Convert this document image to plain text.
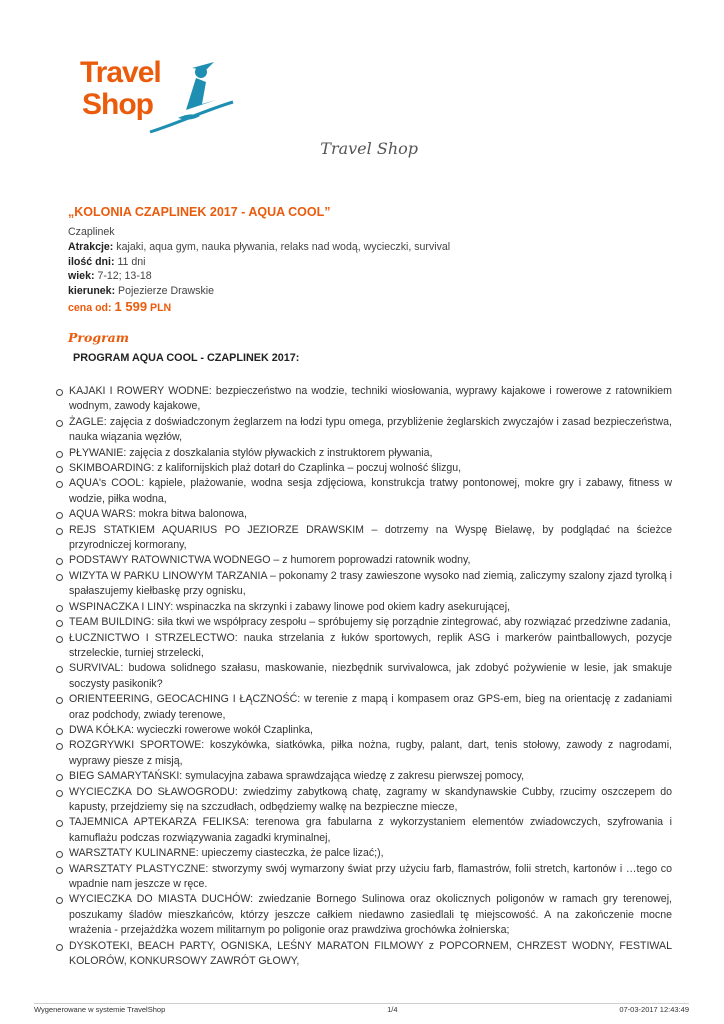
Travel
Shop
Travel Shop
„KOLONIA CZAPLINEK 2017 - AQUA COOL”
Czaplinek
Atrakcje: kajaki, aqua gym, nauka pływania, relaks nad wodą, wycieczki, survival
ilość dni: 11 dni
wiek: 7-12; 13-18
kierunek: Pojezierze Drawskie
cena od: 1 599 PLN
Program
PROGRAM AQUA COOL - CZAPLINEK 2017:
KAJAKI I ROWERY WODNE: bezpieczeństwo na wodzie, techniki wiosłowania, wyprawy kajakowe i rowerowe z ratownikiem wodnym, zawody kajakowe,
ŻAGLE: zajęcia z doświadczonym żeglarzem na łodzi typu omega, przybliżenie żeglarskich zwyczajów i zasad bezpieczeństwa, nauka wiązania węzłów,
PŁYWANIE: zajęcia z doszkalania stylów pływackich z instruktorem pływania,
SKIMBOARDING: z kalifornijskich plaż dotarł do Czaplinka – poczuj wolność ślizgu,
AQUA's COOL: kąpiele, plażowanie, wodna sesja zdjęciowa, konstrukcja tratwy pontonowej, mokre gry i zabawy, fitness w wodzie, piłka wodna,
AQUA WARS: mokra bitwa balonowa,
REJS STATKIEM AQUARIUS PO JEZIORZE DRAWSKIM – dotrzemy na Wyspę Bielawę, by podglądać na ścieżce przyrodniczej kormorany,
PODSTAWY RATOWNICTWA WODNEGO – z humorem poprowadzi ratownik wodny,
WIZYTA W PARKU LINOWYM TARZANIA – pokonamy 2 trasy zawieszone wysoko nad ziemią, zaliczymy szalony zjazd tyrolką i spałaszujemy kiełbaskę przy ognisku,
WSPINACZKA I LINY: wspinaczka na skrzynki i zabawy linowe pod okiem kadry asekurującej,
TEAM BUILDING: siła tkwi we współpracy zespołu – spróbujemy się porządnie zintegrować, aby rozwiązać przedziwne zadania,
ŁUCZNICTWO I STRZELECTWO: nauka strzelania z łuków sportowych, replik ASG i markerów paintballowych, pozycje strzeleckie, turniej strzelecki,
SURVIVAL: budowa solidnego szałasu, maskowanie, niezbędnik survivalowca, jak zdobyć pożywienie w lesie, jak smakuje soczysty pasikonik?
ORIENTEERING, GEOCACHING I ŁĄCZNOŚĆ: w terenie z mapą i kompasem oraz GPS-em, bieg na orientację z zadaniami oraz podchody, zwiady terenowe,
DWA KÓŁKA: wycieczki rowerowe wokół Czaplinka,
ROZGRYWKI SPORTOWE: koszykówka, siatkówka, piłka nożna, rugby, palant, dart, tenis stołowy, zawody z nagrodami, wyprawy piesze z misją,
BIEG SAMARYTAŃSKI: symulacyjna zabawa sprawdzająca wiedzę z zakresu pierwszej pomocy,
WYCIECZKA DO SŁAWOGRODU: zwiedzimy zabytkową chatę, zagramy w skandynawskie Cubby, rzucimy oszczepem do kapusty, przejdziemy się na szczudłach, odbędziemy walkę na bezpieczne miecze,
TAJEMNICA APTEKARZA FELIKSA: terenowa gra fabularna z wykorzystaniem elementów zwiadowczych, szyfrowania i kamuflażu podczas rozwiązywania zagadki kryminalnej,
WARSZTATY KULINARNE: upieczemy ciasteczka, że palce lizać;),
WARSZTATY PLASTYCZNE: stworzymy swój wymarzony świat przy użyciu farb, flamastrów, folii stretch, kartonów i …tego co wpadnie nam jeszcze w ręce.
WYCIECZKA DO MIASTA DUCHÓW: zwiedzanie Bornego Sulinowa oraz okolicznych poligonów w ramach gry terenowej, poszukamy śladów mieszkańców, którzy jeszcze całkiem niedawno zasiedlali tę miejscowość. A na zakończenie mocne wrażenia - przejażdżka wozem militarnym po poligonie oraz prawdziwa grochówka żołnierska;
DYSKOTEKI, BEACH PARTY, OGNISKA, LEŚNY MARATON FILMOWY z POPCORNEM, CHRZEST WODNY, FESTIWAL KOLORÓW, KONKURSOWY ZAWRÓT GŁOWY,
Wygenerowane w systemie TravelShop	1/4	07-03-2017 12:43:49
